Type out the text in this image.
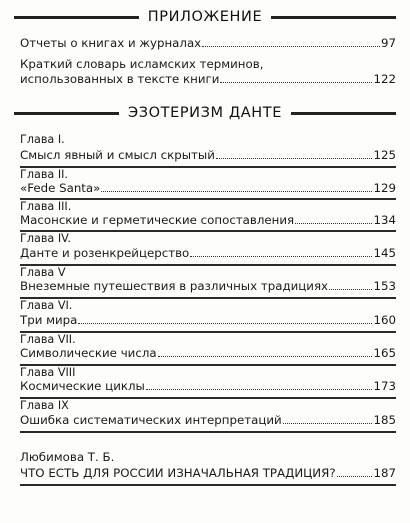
ПРИЛОЖЕНИЕ
Отчеты о книгах и журналах	97
Краткий словарь исламских терминов,
использованных в тексте книги	122
ЭЗОТЕРИЗМ ДАНТЕ
Глава I.
Смысл явный и смысл скрытый	125
Глава II.
«Fede Santa»	129
Глава III.
Масонские и герметические сопоставления	134
Глава IV.
Данте и розенкрейцерство	145
Глава V
Внеземные путешествия в различных традициях	153
Глава VI.
Три мира	160
Глава VII.
Символические числа	165
Глава VIII
Космические циклы	173
Глава IX
Ошибка систематических интерпретаций	185
Любимова Т. Б.
ЧТО ЕСТЬ ДЛЯ РОССИИ ИЗНАЧАЛЬНАЯ ТРАДИЦИЯ?	187
